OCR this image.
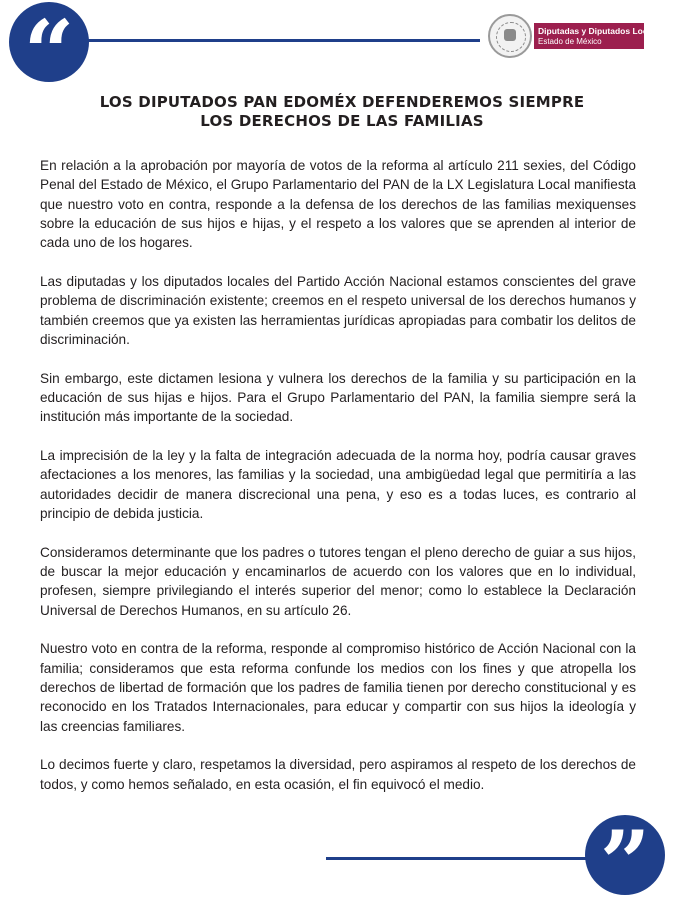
“	Diputadas y Diputados Locales
Estado de México
LOS DIPUTADOS PAN EDOMÉX DEFENDEREMOS SIEMPRE
LOS DERECHOS DE LAS FAMILIAS

En relación a la aprobación por mayoría de votos de la reforma al artículo 211 sexies, del Código Penal del Estado de México, el Grupo Parlamentario del PAN de la LX Legislatura Local manifiesta que nuestro voto en contra, responde a la defensa de los derechos de las familias mexiquenses sobre la educación de sus hijos e hijas, y el respeto a los valores que se aprenden al interior de cada uno de los hogares.

Las diputadas y los diputados locales del Partido Acción Nacional estamos conscientes del grave problema de discriminación existente; creemos en el respeto universal de los derechos humanos y también creemos que ya existen las herramientas jurídicas apropiadas para combatir los delitos de discriminación.

Sin embargo, este dictamen lesiona y vulnera los derechos de la familia y su participación en la educación de sus hijas e hijos. Para el Grupo Parlamentario del PAN, la familia siempre será la institución más importante de la sociedad.

La imprecisión de la ley y la falta de integración adecuada de la norma hoy, podría causar graves afectaciones a los menores, las familias y la sociedad, una ambigüedad legal que permitiría a las autoridades decidir de manera discrecional una pena, y eso es a todas luces, es contrario al principio de debida justicia.

Consideramos determinante que los padres o tutores tengan el pleno derecho de guiar a sus hijos, de buscar la mejor educación y encaminarlos de acuerdo con los valores que en lo individual, profesen, siempre privilegiando el interés superior del menor; como lo establece la Declaración Universal de Derechos Humanos, en su artículo 26.

Nuestro voto en contra de la reforma, responde al compromiso histórico de Acción Nacional con la familia; consideramos que esta reforma confunde los medios con los fines y que atropella los derechos de libertad de formación que los padres de familia tienen por derecho constitucional y es reconocido en los Tratados Internacionales, para educar y compartir con sus hijos la ideología y las creencias familiares.

Lo decimos fuerte y claro, respetamos la diversidad, pero aspiramos al respeto de los derechos de todos, y como hemos señalado, en esta ocasión, el fin equivocó el medio.

”
